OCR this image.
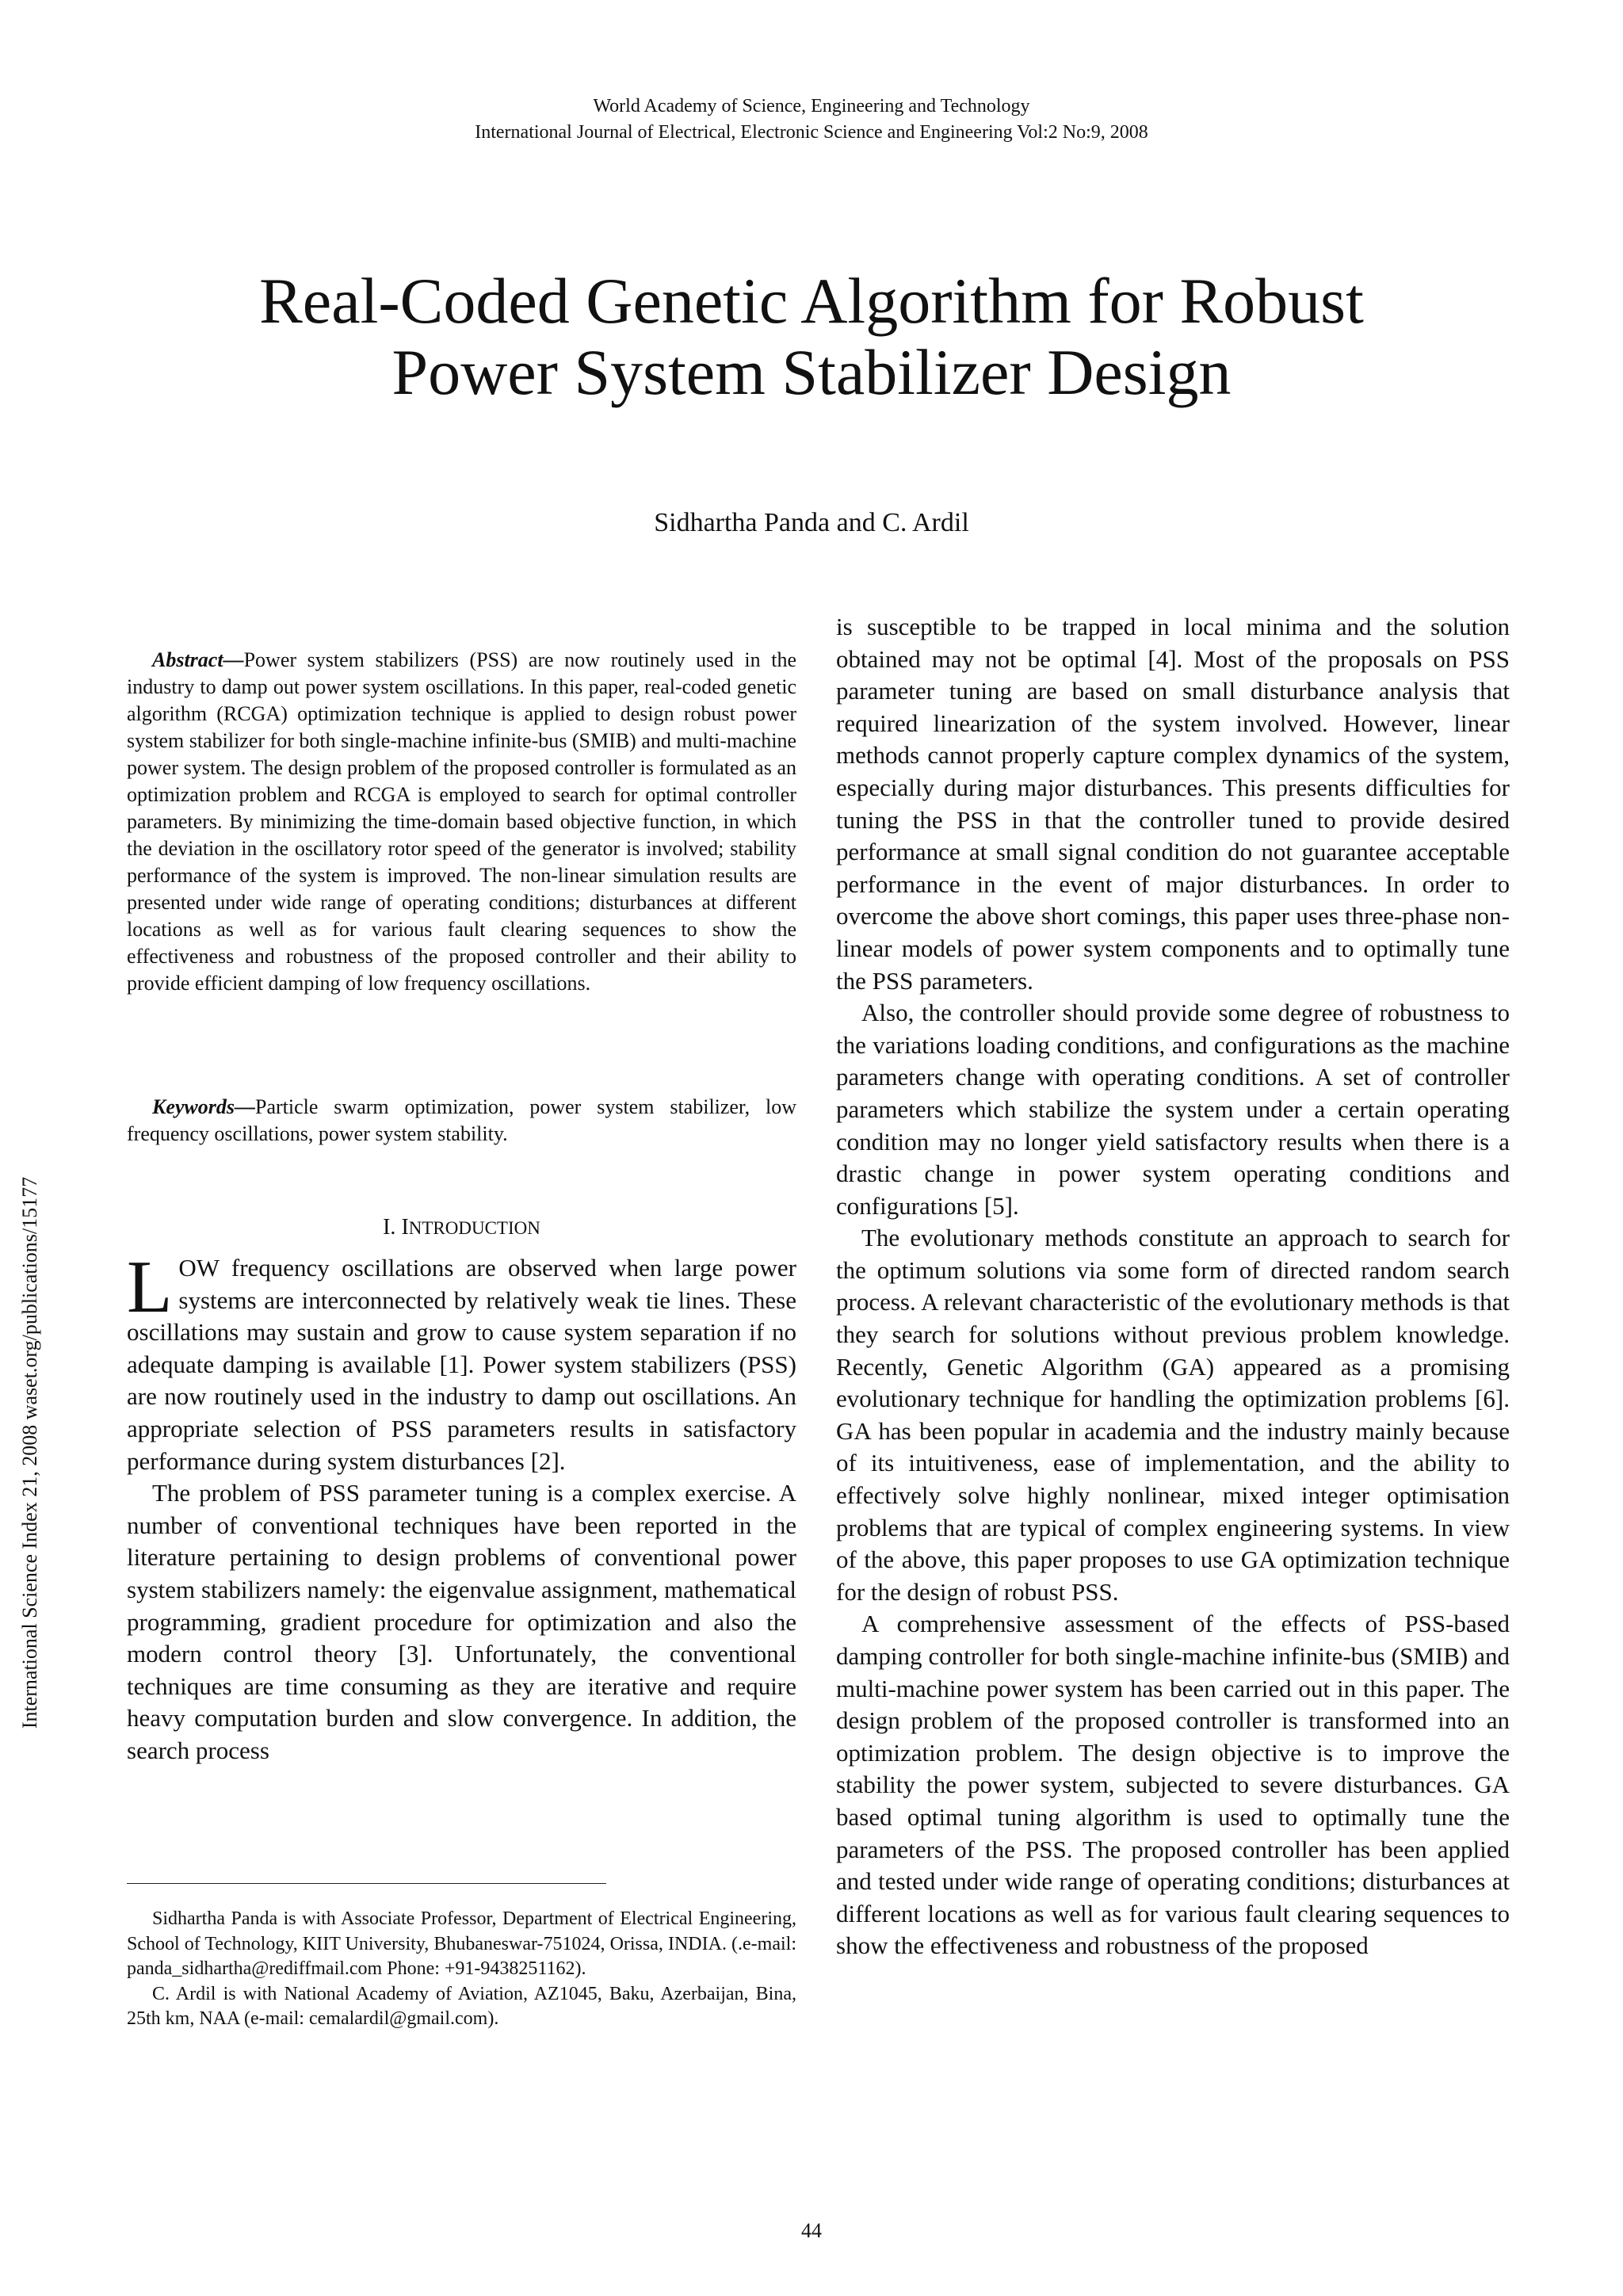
World Academy of Science, Engineering and Technology
International Journal of Electrical, Electronic Science and Engineering Vol:2 No:9, 2008
Real-Coded Genetic Algorithm for Robust
Power System Stabilizer Design
Sidhartha Panda and C. Ardil
International Science Index 21, 2008 waset.org/publications/15177

Abstract—Power system stabilizers (PSS) are now routinely used in the industry to damp out power system oscillations. In this paper, real-coded genetic algorithm (RCGA) optimization technique is applied to design robust power system stabilizer for both single-machine infinite-bus (SMIB) and multi-machine power system. The design problem of the proposed controller is formulated as an optimization problem and RCGA is employed to search for optimal controller parameters. By minimizing the time-domain based objective function, in which the deviation in the oscillatory rotor speed of the generator is involved; stability performance of the system is improved. The non-linear simulation results are presented under wide range of operating conditions; disturbances at different locations as well as for various fault clearing sequences to show the effectiveness and robustness of the proposed controller and their ability to provide efficient damping of low frequency oscillations.

Keywords—Particle swarm optimization, power system stabilizer, low frequency oscillations, power system stability.

I. INTRODUCTION

LOW frequency oscillations are observed when large power systems are interconnected by relatively weak tie lines. These oscillations may sustain and grow to cause system separation if no adequate damping is available [1]. Power system stabilizers (PSS) are now routinely used in the industry to damp out oscillations. An appropriate selection of PSS parameters results in satisfactory performance during system disturbances [2].

The problem of PSS parameter tuning is a complex exercise. A number of conventional techniques have been reported in the literature pertaining to design problems of conventional power system stabilizers namely: the eigenvalue assignment, mathematical programming, gradient procedure for optimization and also the modern control theory [3]. Unfortunately, the conventional techniques are time consuming as they are iterative and require heavy computation burden and slow convergence. In addition, the search process

Sidhartha Panda is with Associate Professor, Department of Electrical Engineering, School of Technology, KIIT University, Bhubaneswar-751024, Orissa, INDIA. (.e-mail: panda_sidhartha@rediffmail.com Phone: +91-9438251162).

C. Ardil is with National Academy of Aviation, AZ1045, Baku, Azerbaijan, Bina, 25th km, NAA (e-mail: cemalardil@gmail.com).

is susceptible to be trapped in local minima and the solution obtained may not be optimal [4]. Most of the proposals on PSS parameter tuning are based on small disturbance analysis that required linearization of the system involved. However, linear methods cannot properly capture complex dynamics of the system, especially during major disturbances. This presents difficulties for tuning the PSS in that the controller tuned to provide desired performance at small signal condition do not guarantee acceptable performance in the event of major disturbances. In order to overcome the above short comings, this paper uses three-phase non-linear models of power system components and to optimally tune the PSS parameters.

Also, the controller should provide some degree of robustness to the variations loading conditions, and configurations as the machine parameters change with operating conditions. A set of controller parameters which stabilize the system under a certain operating condition may no longer yield satisfactory results when there is a drastic change in power system operating conditions and configurations [5].

The evolutionary methods constitute an approach to search for the optimum solutions via some form of directed random search process. A relevant characteristic of the evolutionary methods is that they search for solutions without previous problem knowledge. Recently, Genetic Algorithm (GA) appeared as a promising evolutionary technique for handling the optimization problems [6]. GA has been popular in academia and the industry mainly because of its intuitiveness, ease of implementation, and the ability to effectively solve highly nonlinear, mixed integer optimisation problems that are typical of complex engineering systems. In view of the above, this paper proposes to use GA optimization technique for the design of robust PSS.

A comprehensive assessment of the effects of PSS-based damping controller for both single-machine infinite-bus (SMIB) and multi-machine power system has been carried out in this paper. The design problem of the proposed controller is transformed into an optimization problem. The design objective is to improve the stability the power system, subjected to severe disturbances. GA based optimal tuning algorithm is used to optimally tune the parameters of the PSS. The proposed controller has been applied and tested under wide range of operating conditions; disturbances at different locations as well as for various fault clearing sequences to show the effectiveness and robustness of the proposed

44
